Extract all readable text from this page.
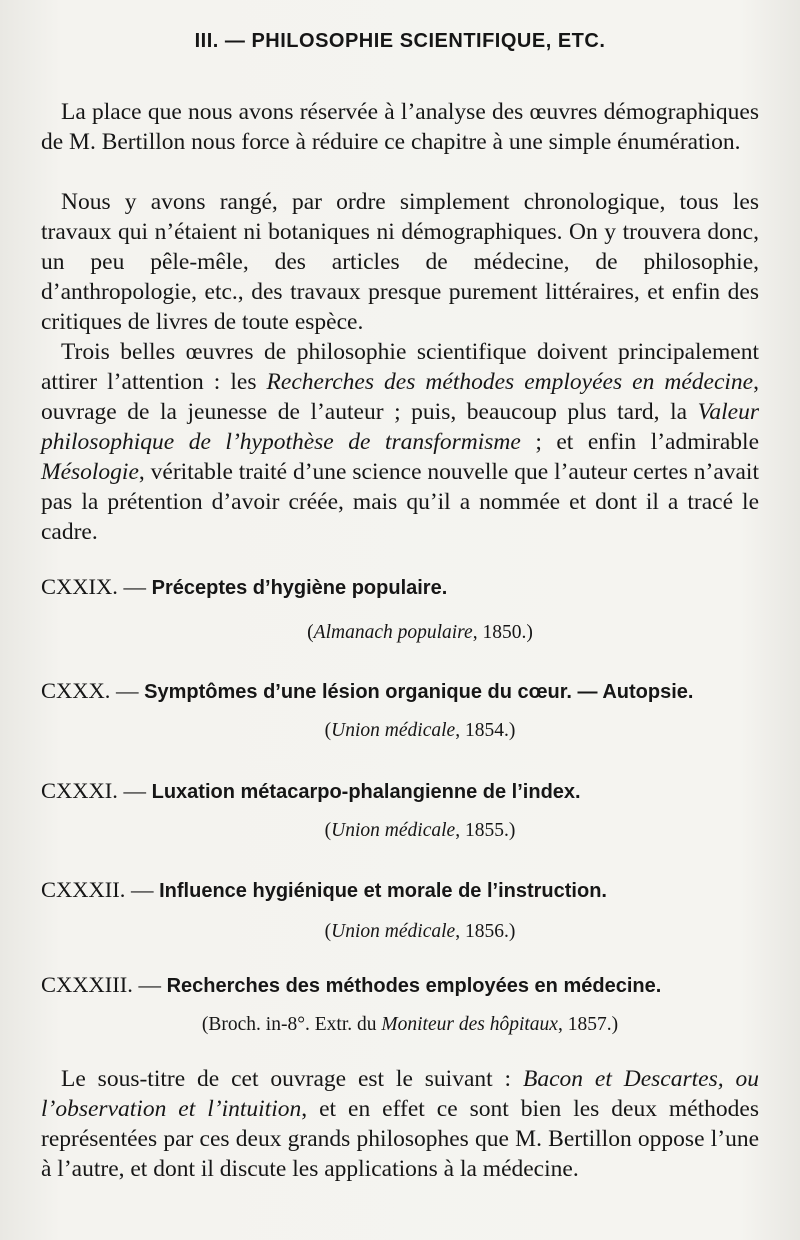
III. — PHILOSOPHIE SCIENTIFIQUE, ETC.

La place que nous avons réservée à l’analyse des œuvres démographiques de M. Bertillon nous force à réduire ce chapitre à une simple énumération.

Nous y avons rangé, par ordre simplement chronologique, tous les travaux qui n’étaient ni botaniques ni démographiques. On y trouvera donc, un peu pêle-mêle, des articles de médecine, de philosophie, d’anthropologie, etc., des travaux presque purement littéraires, et enfin des critiques de livres de toute espèce.

Trois belles œuvres de philosophie scientifique doivent principalement attirer l’attention : les Recherches des méthodes employées en médecine, ouvrage de la jeunesse de l’auteur ; puis, beaucoup plus tard, la Valeur philosophique de l’hypothèse de transformisme ; et enfin l’admirable Mésologie, véritable traité d’une science nouvelle que l’auteur certes n’avait pas la prétention d’avoir créée, mais qu’il a nommée et dont il a tracé le cadre.

CXXIX. — Préceptes d’hygiène populaire.
(Almanach populaire, 1850.)
CXXX. — Symptômes d’une lésion organique du cœur. — Autopsie.
(Union médicale, 1854.)
CXXXI. — Luxation métacarpo-phalangienne de l’index.
(Union médicale, 1855.)
CXXXII. — Influence hygiénique et morale de l’instruction.
(Union médicale, 1856.)
CXXXIII. — Recherches des méthodes employées en médecine.
(Broch. in-8°. Extr. du Moniteur des hôpitaux, 1857.)

Le sous-titre de cet ouvrage est le suivant : Bacon et Descartes, ou l’observation et l’intuition, et en effet ce sont bien les deux méthodes représentées par ces deux grands philosophes que M. Bertillon oppose l’une à l’autre, et dont il discute les applications à la médecine.
